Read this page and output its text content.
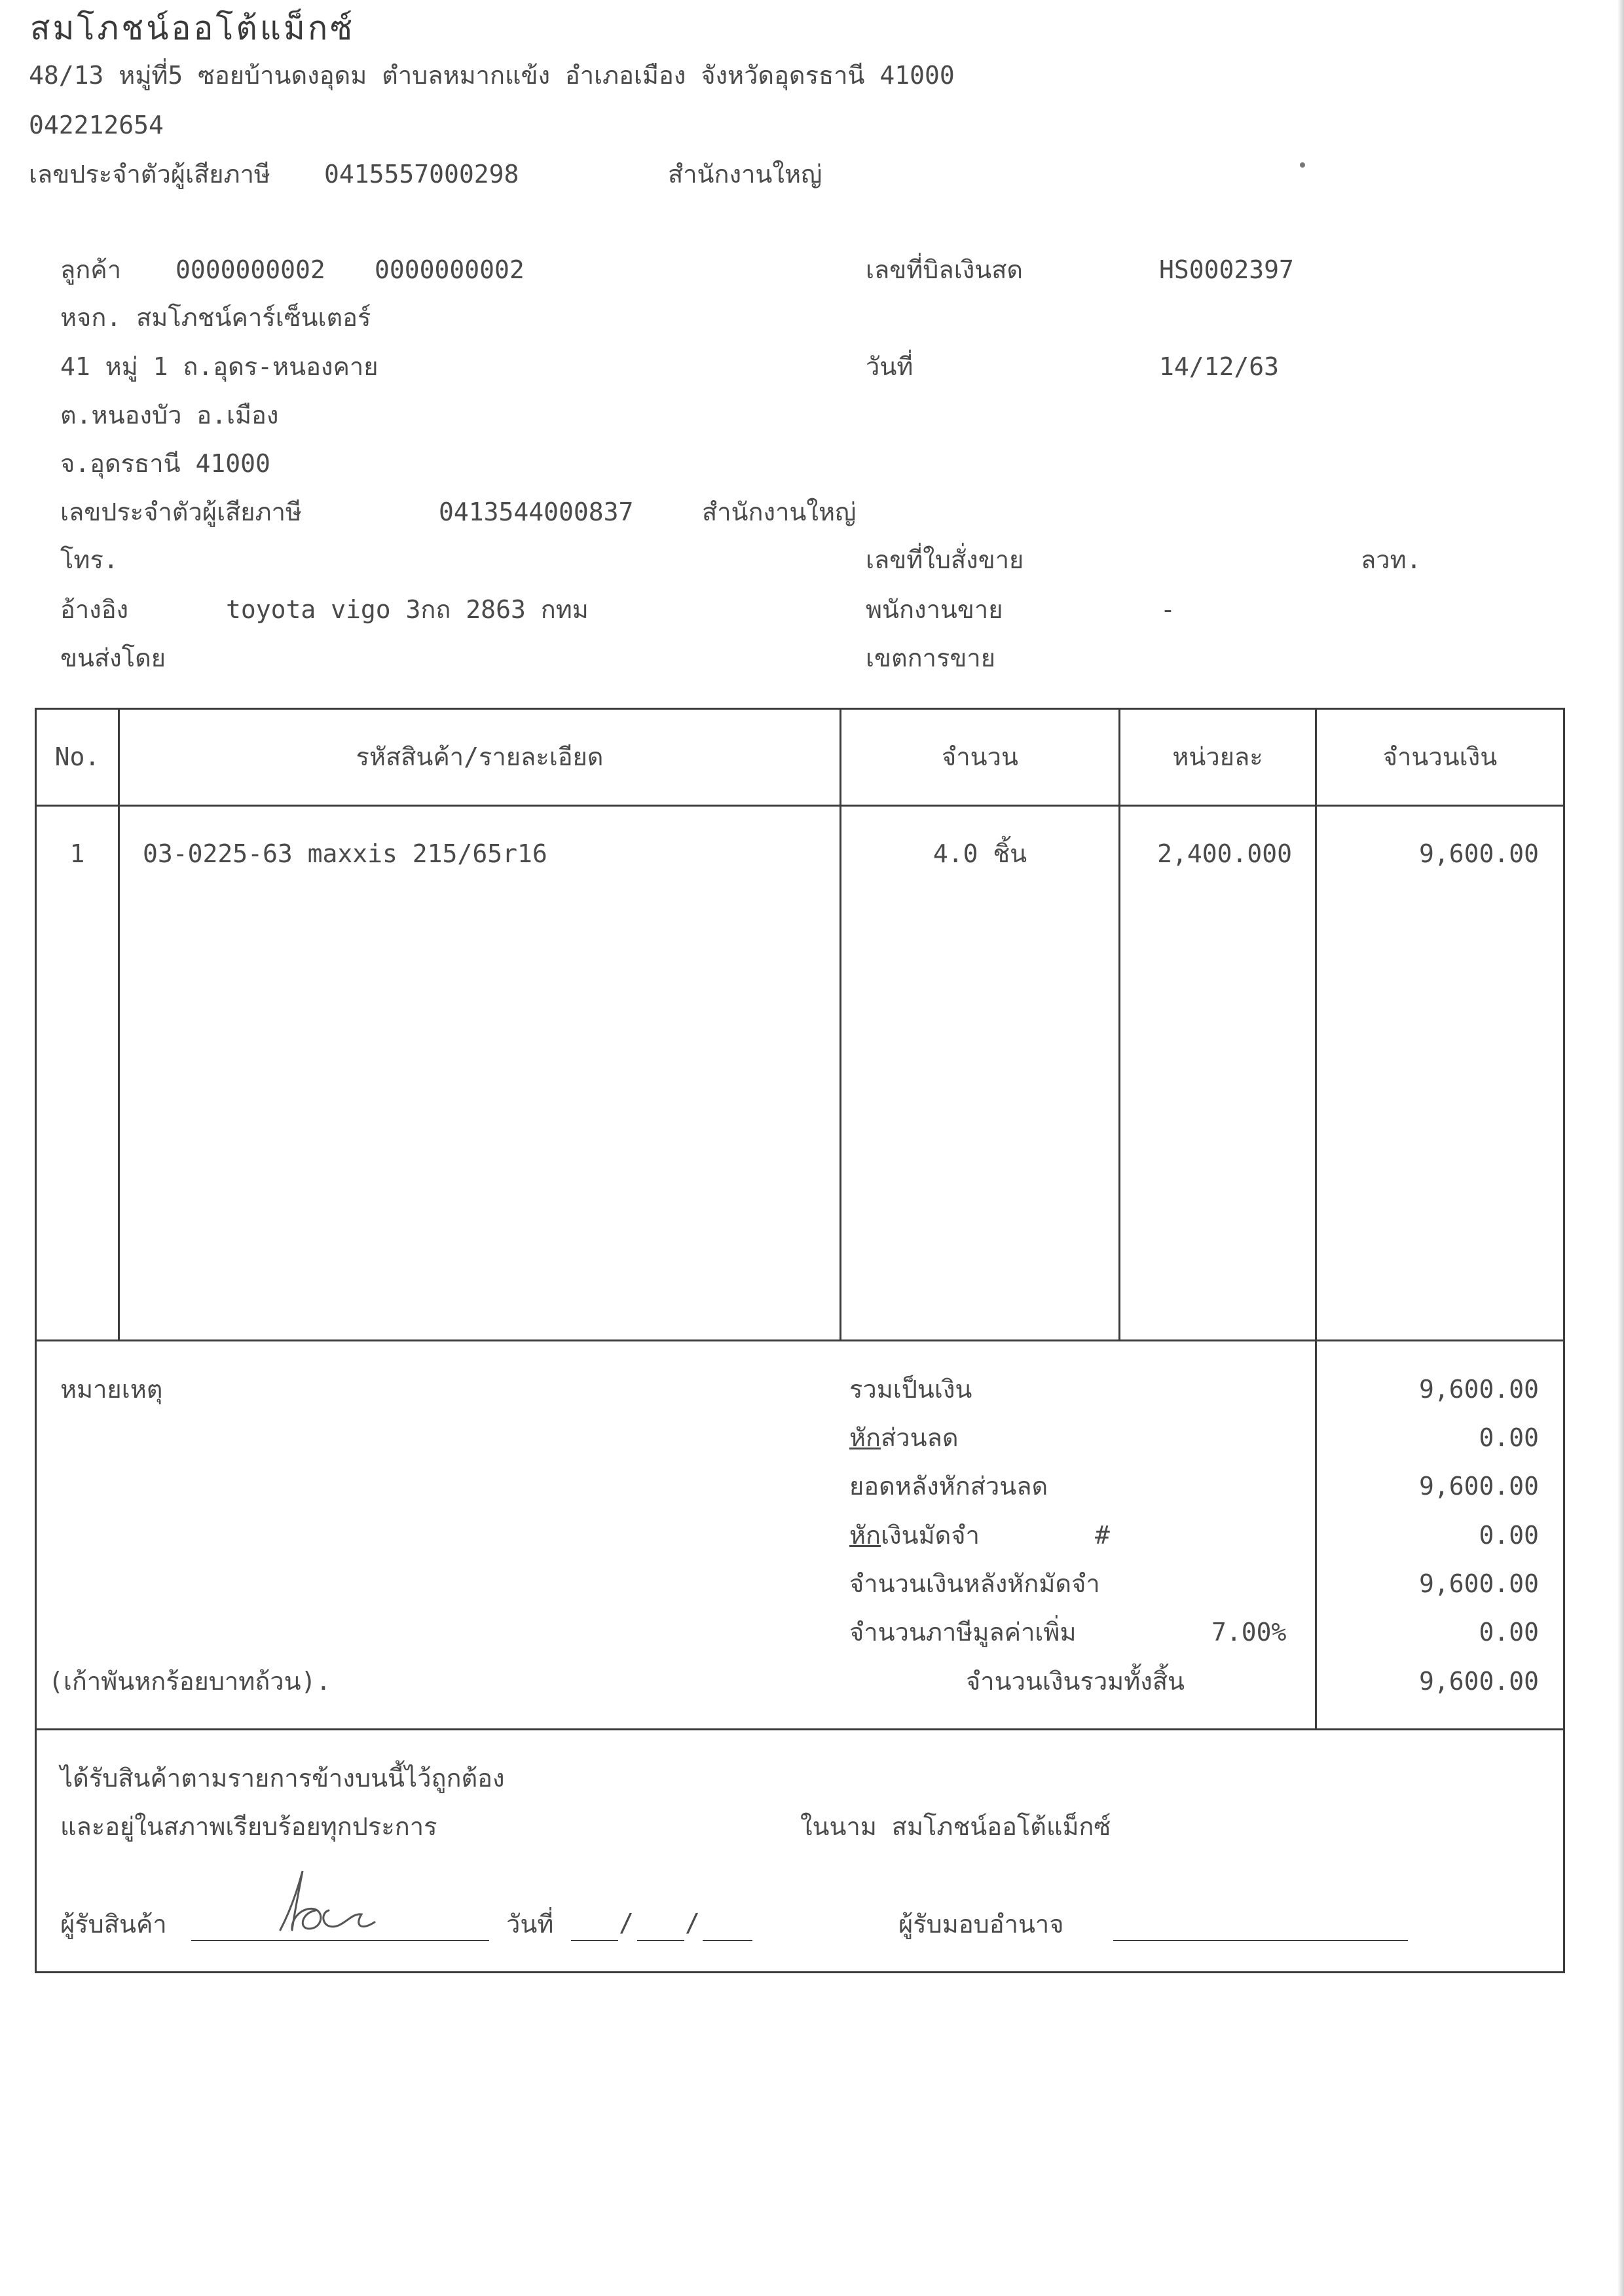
สมโภชน์ออโต้แม็กซ์
48/13 หมู่ที่5 ซอยบ้านดงอุดม ตำบลหมากแข้ง อำเภอเมือง จังหวัดอุดรธานี 41000
042212654
เลขประจำตัวผู้เสียภาษี 0415557000298	สำนักงานใหญ่
ลูกค้า 0000000002 0000000002
หจก. สมโภชน์คาร์เซ็นเตอร์
41 หมู่ 1 ถ.อุดร-หนองคาย
ต.หนองบัว อ.เมือง
จ.อุดรธานี 41000
เลขประจำตัวผู้เสียภาษี	0413544000837	สำนักงานใหญ่
โทร.
อ้างอิง	toyota vigo 3กถ 2863 กทม
ขนส่งโดย
เลขที่บิลเงินสด	HS0002397
วันที่	14/12/63
เลขที่ใบสั่งขาย	ลวท.
พนักงานขาย	-
เขตการขาย
No.	รหัสสินค้า/รายละเอียด	จำนวน	หน่วยละ	จำนวนเงิน
1	03-0225-63 maxxis 215/65r16	4.0 ชิ้น	2,400.000	9,600.00
หมายเหตุ
(เก้าพันหกร้อยบาทถ้วน).
รวมเป็นเงิน	9,600.00
หักส่วนลด	0.00
ยอดหลังหักส่วนลด	9,600.00
หักเงินมัดจำ	#	0.00
จำนวนเงินหลังหักมัดจำ	9,600.00
จำนวนภาษีมูลค่าเพิ่ม	7.00%	0.00
จำนวนเงินรวมทั้งสิ้น	9,600.00
ได้รับสินค้าตามรายการข้างบนนี้ไว้ถูกต้อง
และอยู่ในสภาพเรียบร้อยทุกประการ	ในนาม สมโภชน์ออโต้แม็กซ์
ผู้รับสินค้า	วันที่	/ /	ผู้รับมอบอำนาจ
